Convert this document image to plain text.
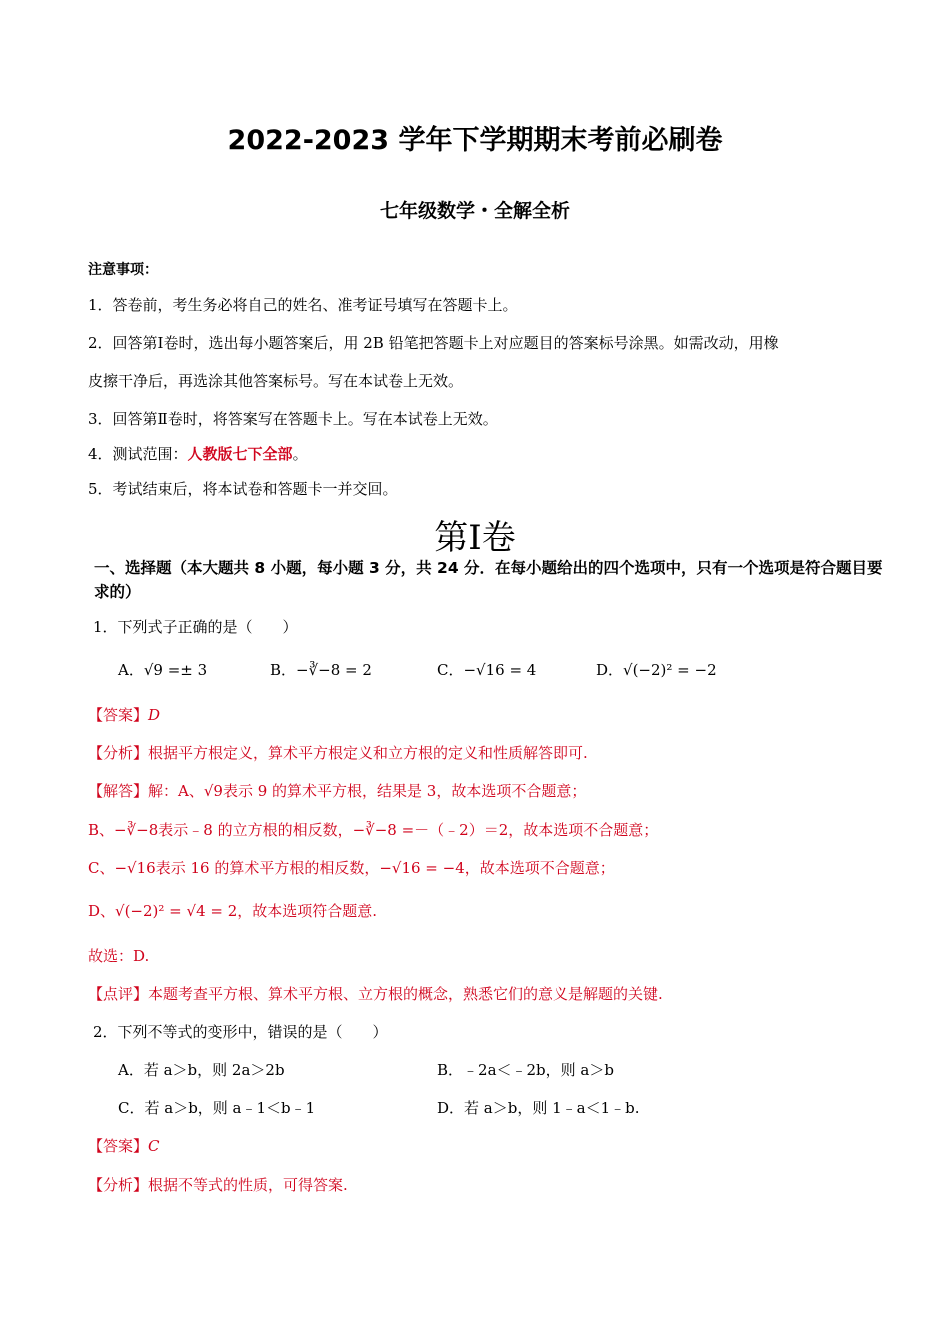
2022-2023 学年下学期期末考前必刷卷
七年级数学・全解全析
注意事项：
1．答卷前，考生务必将自己的姓名、准考证号填写在答题卡上。
2．回答第Ⅰ卷时，选出每小题答案后，用 2B 铅笔把答题卡上对应题目的答案标号涂黑。如需改动，用橡
皮擦干净后，再选涂其他答案标号。写在本试卷上无效。
3．回答第Ⅱ卷时，将答案写在答题卡上。写在本试卷上无效。
4．测试范围：人教版七下全部。
5．考试结束后，将本试卷和答题卡一并交回。
第Ⅰ卷
一、选择题（本大题共 8 小题，每小题 3 分，共 24 分．在每小题给出的四个选项中，只有一个选项是符合题目要求的）
1．下列式子正确的是（　　）
A．√9 =± 3	B．−∛−8 = 2	C．−√16 = 4	D．√(−2)² = −2
【答案】D
【分析】根据平方根定义，算术平方根定义和立方根的定义和性质解答即可.
【解答】解：A、√9表示 9 的算术平方根，结果是 3，故本选项不合题意；
B、−∛−8表示﹣8 的立方根的相反数，−∛−8 =－（﹣2）＝2，故本选项不合题意；
C、−√16表示 16 的算术平方根的相反数，−√16 = −4，故本选项不合题意；
D、√(−2)² = √4 = 2，故本选项符合题意.
故选：D.
【点评】本题考查平方根、算术平方根、立方根的概念，熟悉它们的意义是解题的关键.
2．下列不等式的变形中，错误的是（　　）
A．若 a＞b，则 2a＞2b	B．﹣2a＜﹣2b，则 a＞b
C．若 a＞b，则 a﹣1＜b﹣1	D．若 a＞b，则 1﹣a＜1﹣b.
【答案】C
【分析】根据不等式的性质，可得答案.
